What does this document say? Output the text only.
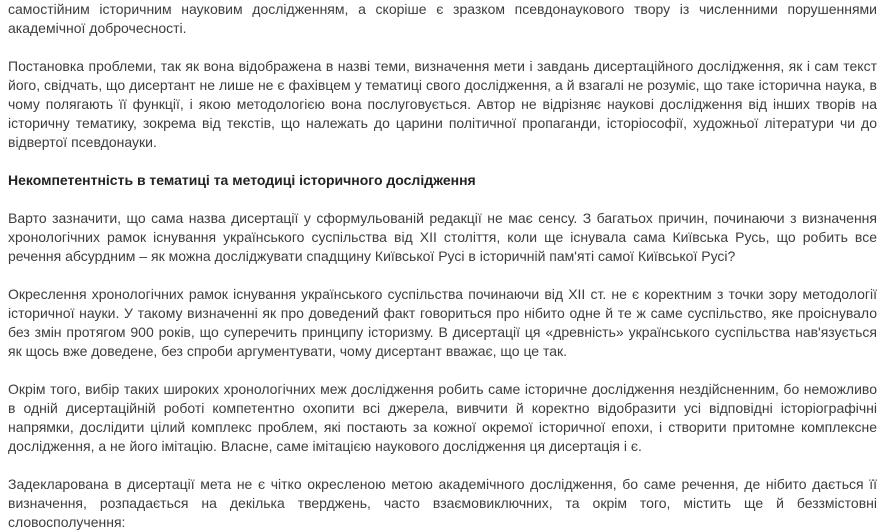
самостійним історичним науковим дослідженням, а скоріше є зразком псевдонаукового твору із численними порушеннями академічної доброчесності.

Постановка проблеми, так як вона відображена в назві теми, визначення мети і завдань дисертаційного дослідження, як і сам текст його, свідчать, що дисертант не лише не є фахівцем у тематиці свого дослідження, а й взагалі не розуміє, що таке історична наука, в чому полягають її функції, і якою методологією вона послуговується. Автор не відрізняє наукові дослідження від інших творів на історичну тематику, зокрема від текстів, що належать до царини політичної пропаганди, історіософії, художньої літератури чи до відвертої псевдонауки.

Некомпетентність в тематиці та методиці історичного дослідження

Варто зазначити, що сама назва дисертації у сформульованій редакції не має сенсу. З багатьох причин, починаючи з визначення хронологічних рамок існування українського суспільства від XII століття, коли ще існувала сама Київська Русь, що робить все речення абсурдним – як можна досліджувати спадщину Київської Русі в історичній пам'яті самої Київської Русі?

Окреслення хронологічних рамок існування українського суспільства починаючи від XII ст. не є коректним з точки зору методології історичної науки. У такому визначенні як про доведений факт говориться про нібито одне й те ж саме суспільство, яке проіснувало без змін протягом 900 років, що суперечить принципу історизму. В дисертації ця «древність» українського суспільства нав'язується як щось вже доведене, без спроби аргументувати, чому дисертант вважає, що це так.

Окрім того, вибір таких широких хронологічних меж дослідження робить саме історичне дослідження нездійсненним, бо неможливо в одній дисертаційній роботі компетентно охопити всі джерела, вивчити й коректно відобразити усі відповідні історіографічні напрямки, дослідити цілий комплекс проблем, які постають за кожної окремої історичної епохи, і створити притомне комплексне дослідження, а не його імітацію. Власне, саме імітацією наукового дослідження ця дисертація і є.

Задекларована в дисертації мета не є чітко окресленою метою академічного дослідження, бо саме речення, де нібито дається її визначення, розпадається на декілька тверджень, часто взаємовиключних, та окрім того, містить ще й беззмістовні словосполучення:
